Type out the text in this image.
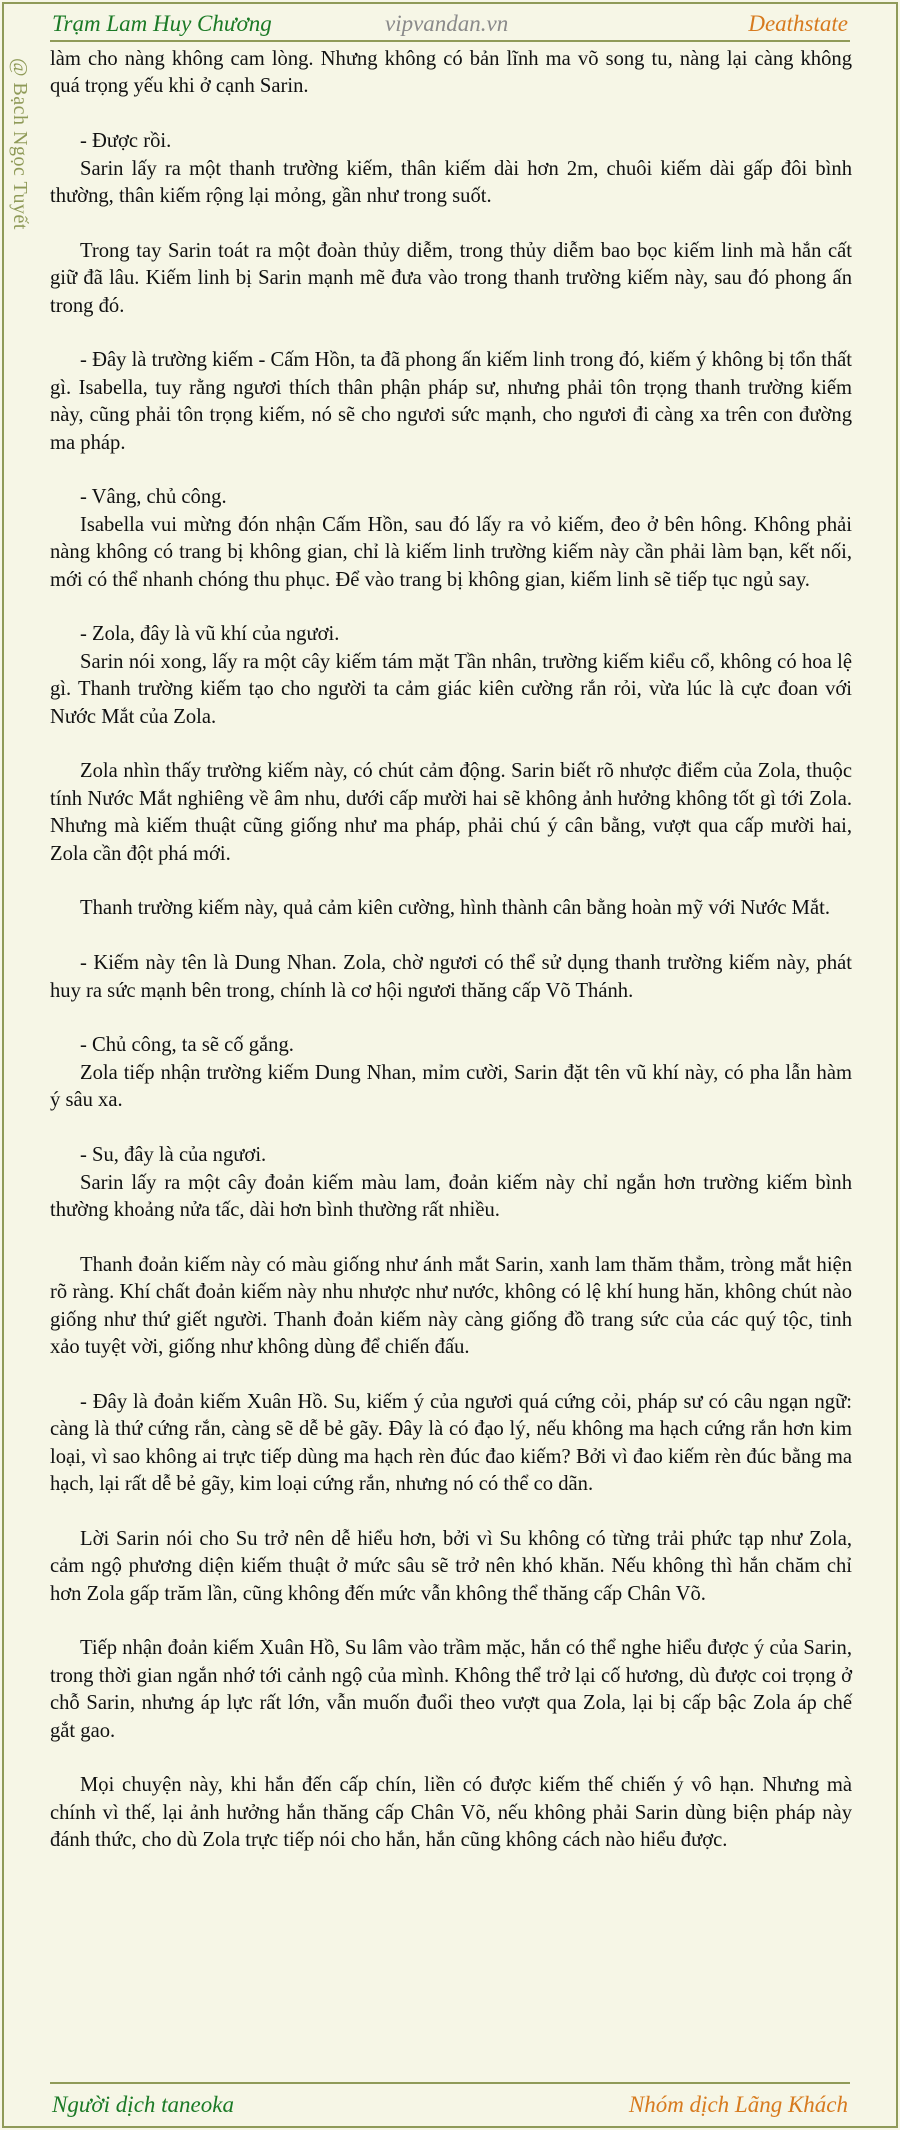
Trạm Lam Huy Chương	vipvandan.vn	Deathstate
@ Bạch Ngọc Tuyết làm cho nàng không cam lòng. Nhưng không có bản lĩnh ma võ song tu, nàng lại càng không quá trọng yếu khi ở cạnh Sarin.

- Được rồi.

Sarin lấy ra một thanh trường kiếm, thân kiếm dài hơn 2m, chuôi kiếm dài gấp đôi bình thường, thân kiếm rộng lại mỏng, gần như trong suốt.

Trong tay Sarin toát ra một đoàn thủy diễm, trong thủy diễm bao bọc kiếm linh mà hắn cất giữ đã lâu. Kiếm linh bị Sarin mạnh mẽ đưa vào trong thanh trường kiếm này, sau đó phong ấn trong đó.

- Đây là trường kiếm - Cấm Hồn, ta đã phong ấn kiếm linh trong đó, kiếm ý không bị tổn thất gì. Isabella, tuy rằng ngươi thích thân phận pháp sư, nhưng phải tôn trọng thanh trường kiếm này, cũng phải tôn trọng kiếm, nó sẽ cho ngươi sức mạnh, cho ngươi đi càng xa trên con đường ma pháp.

- Vâng, chủ công.

Isabella vui mừng đón nhận Cấm Hồn, sau đó lấy ra vỏ kiếm, đeo ở bên hông. Không phải nàng không có trang bị không gian, chỉ là kiếm linh trường kiếm này cần phải làm bạn, kết nối, mới có thể nhanh chóng thu phục. Để vào trang bị không gian, kiếm linh sẽ tiếp tục ngủ say.

- Zola, đây là vũ khí của ngươi.

Sarin nói xong, lấy ra một cây kiếm tám mặt Tần nhân, trường kiếm kiểu cổ, không có hoa lệ gì. Thanh trường kiếm tạo cho người ta cảm giác kiên cường rắn rỏi, vừa lúc là cực đoan với Nước Mắt của Zola.

Zola nhìn thấy trường kiếm này, có chút cảm động. Sarin biết rõ nhược điểm của Zola, thuộc tính Nước Mắt nghiêng về âm nhu, dưới cấp mười hai sẽ không ảnh hưởng không tốt gì tới Zola. Nhưng mà kiếm thuật cũng giống như ma pháp, phải chú ý cân bằng, vượt qua cấp mười hai, Zola cần đột phá mới.

Thanh trường kiếm này, quả cảm kiên cường, hình thành cân bằng hoàn mỹ với Nước Mắt.

- Kiếm này tên là Dung Nhan. Zola, chờ ngươi có thể sử dụng thanh trường kiếm này, phát huy ra sức mạnh bên trong, chính là cơ hội ngươi thăng cấp Võ Thánh.

- Chủ công, ta sẽ cố gắng.

Zola tiếp nhận trường kiếm Dung Nhan, mỉm cười, Sarin đặt tên vũ khí này, có pha lẫn hàm ý sâu xa.

- Su, đây là của ngươi.

Sarin lấy ra một cây đoản kiếm màu lam, đoản kiếm này chỉ ngắn hơn trường kiếm bình thường khoảng nửa tấc, dài hơn bình thường rất nhiều.

Thanh đoản kiếm này có màu giống như ánh mắt Sarin, xanh lam thăm thẳm, tròng mắt hiện rõ ràng. Khí chất đoản kiếm này nhu nhược như nước, không có lệ khí hung hăn, không chút nào giống như thứ giết người. Thanh đoản kiếm này càng giống đồ trang sức của các quý tộc, tinh xảo tuyệt vời, giống như không dùng để chiến đấu.

- Đây là đoản kiếm Xuân Hồ. Su, kiếm ý của ngươi quá cứng cỏi, pháp sư có câu ngạn ngữ: càng là thứ cứng rắn, càng sẽ dễ bẻ gãy. Đây là có đạo lý, nếu không ma hạch cứng rắn hơn kim loại, vì sao không ai trực tiếp dùng ma hạch rèn đúc đao kiếm? Bởi vì đao kiếm rèn đúc bằng ma hạch, lại rất dễ bẻ gãy, kim loại cứng rắn, nhưng nó có thể co dãn.

Lời Sarin nói cho Su trở nên dễ hiểu hơn, bởi vì Su không có từng trải phức tạp như Zola, cảm ngộ phương diện kiếm thuật ở mức sâu sẽ trở nên khó khăn. Nếu không thì hắn chăm chỉ hơn Zola gấp trăm lần, cũng không đến mức vẫn không thể thăng cấp Chân Võ.

Tiếp nhận đoản kiếm Xuân Hồ, Su lâm vào trầm mặc, hắn có thể nghe hiểu được ý của Sarin, trong thời gian ngắn nhớ tới cảnh ngộ của mình. Không thể trở lại cố hương, dù được coi trọng ở chỗ Sarin, nhưng áp lực rất lớn, vẫn muốn đuổi theo vượt qua Zola, lại bị cấp bậc Zola áp chế gắt gao.

Mọi chuyện này, khi hắn đến cấp chín, liền có được kiếm thế chiến ý vô hạn. Nhưng mà chính vì thế, lại ảnh hưởng hắn thăng cấp Chân Võ, nếu không phải Sarin dùng biện pháp này đánh thức, cho dù Zola trực tiếp nói cho hắn, hắn cũng không cách nào hiểu được.

Người dịch taneoka	Nhóm dịch Lãng Khách
